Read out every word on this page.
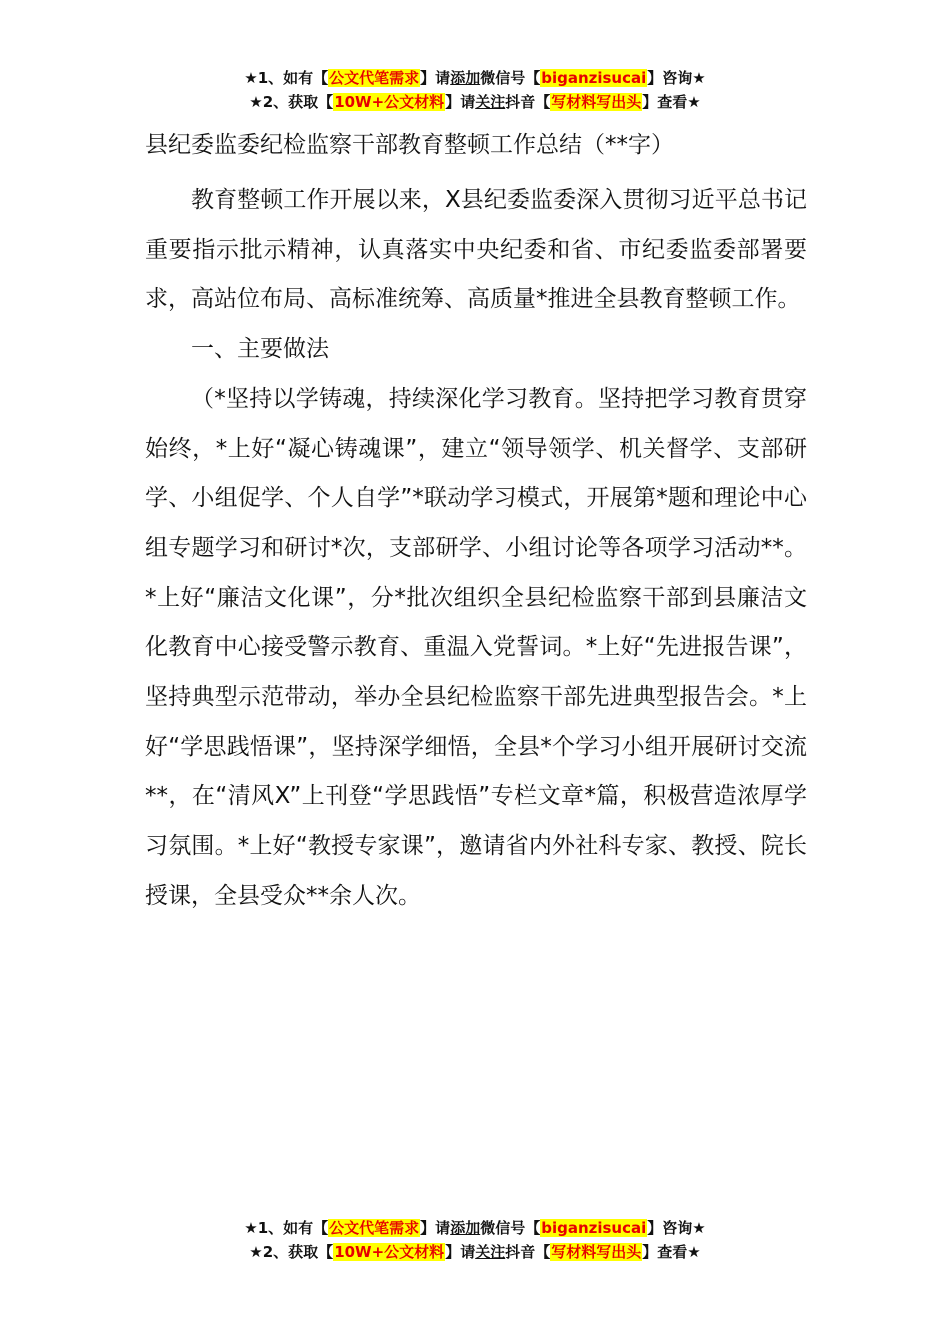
★1、如有【公文代笔需求】请添加微信号【biganzisucai】咨询★
★2、获取【10W+公文材料】请关注抖音【写材料写出头】查看★
县纪委监委纪检监察干部教育整顿工作总结（**字）

教育整顿工作开展以来，X县纪委监委深入贯彻习近平总书记重要指示批示精神，认真落实中央纪委和省、市纪委监委部署要求，高站位布局、高标准统筹、高质量*推进全县教育整顿工作。

一、主要做法

（*坚持以学铸魂，持续深化学习教育。坚持把学习教育贯穿始终，*上好“凝心铸魂课”，建立“领导领学、机关督学、支部研学、小组促学、个人自学”*联动学习模式，开展第*题和理论中心组专题学习和研讨*次，支部研学、小组讨论等各项学习活动**。*上好“廉洁文化课”，分*批次组织全县纪检监察干部到县廉洁文化教育中心接受警示教育、重温入党誓词。*上好“先进报告课”，坚持典型示范带动，举办全县纪检监察干部先进典型报告会。*上好“学思践悟课”，坚持深学细悟，全县*个学习小组开展研讨交流**，在“清风X”上刊登“学思践悟”专栏文章*篇，积极营造浓厚学习氛围。*上好“教授专家课”，邀请省内外社科专家、教授、院长授课，全县受众**余人次。

★1、如有【公文代笔需求】请添加微信号【biganzisucai】咨询★
★2、获取【10W+公文材料】请关注抖音【写材料写出头】查看★
